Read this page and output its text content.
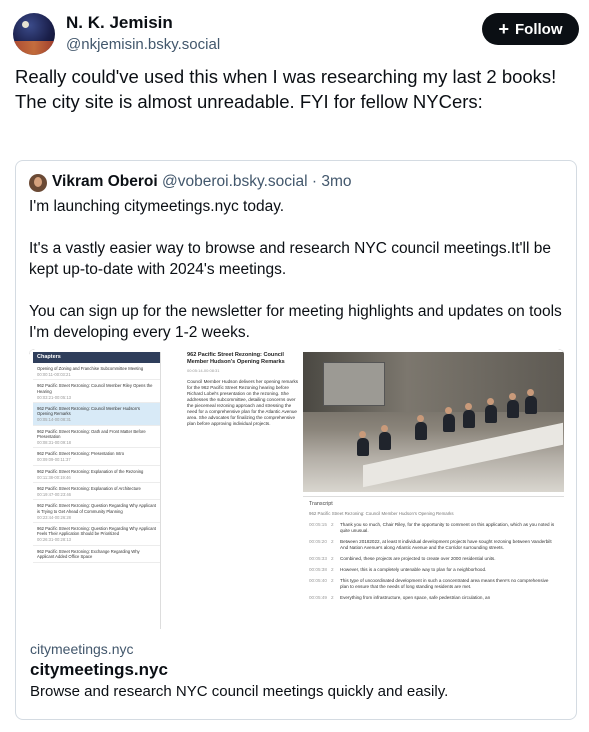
N. K. Jemisin
@nkjemisin.bsky.social
+ Follow
Really could've used this when I was researching my last 2 books! The city site is almost unreadable. FYI for fellow NYCers:
Vikram Oberoi @voberoi.bsky.social · 3mo

I'm launching citymeetings.nyc today.

It's a vastly easier way to browse and research NYC council meetings.It'll be kept up-to-date with 2024's meetings.

You can sign up for the newsletter for meeting highlights and updates on tools I'm developing every 1-2 weeks.

Chapters
Opening of Zoning and Franchise Subcommittee Meeting
00:00:11-00:03:21
962 Pacific Street Rezoning: Council Member Riley Opens the Hearing
00:03:21-00:05:13
962 Pacific Street Rezoning: Council Member Hudson's Opening Remarks
00:05:14-00:08:31
962 Pacific Street Rezoning: Oath and Front Matter Before Presentation
00:08:31-00:09:18
962 Pacific Street Rezoning: Presentation Intro
00:09:09-00:11:37
962 Pacific Street Rezoning: Explanation of the Rezoning
00:11:38-00:19:46
962 Pacific Street Rezoning: Explanation of Architecture
00:19:47-00:23:46
962 Pacific Street Rezoning: Question Regarding Why Applicant is Trying to Get Ahead of Community Planning
00:23:44-00:26:28
962 Pacific Street Rezoning: Question Regarding Why Applicant Feels Their Application Should be Prioritized
00:26:31-00:28:13
962 Pacific Street Rezoning: Exchange Regarding Why Applicant Added Office Space
962 Pacific Street Rezoning: Council Member Hudson's Opening Remarks
00:05:14-00:08:31
Council Member Hudson delivers her opening remarks for the 962 Pacific Street Rezoning hearing before Richard Lobel's presentation on the rezoning. She addresses the subcommittee, detailing concerns over the piecemeal rezoning approach and stressing the need for a comprehensive plan for the Atlantic Avenue area. She advocates for finalizing the comprehensive plan before approving individual projects.
Transcript
962 Pacific Street Rezoning: Council Member Hudson's Opening Remarks
00:05:15 2	Thank you so much, Chair Riley, for the opportunity to comment on this application, which as you noted is quite unusual.
00:05:20 2	Between 20182022, at least 8 individual development projects have sought rezoning between Vanderbilt And Nation Avenue's along Atlantic Avenue and the Corridor surrounding streets.
00:05:33 2	Combined, these projects are projected to create over 2000 residential units.
00:05:38 2	However, this is a completely untenable way to plan for a neighborhood.
00:05:40 2	This type of uncoordinated development in such a concentrated area means there's no comprehensive plan to ensure that the needs of long standing residents are met.
00:05:49 2	Everything from infrastructure, open space, safe pedestrian circulation, an
citymeetings.nyc
citymeetings.nyc
Browse and research NYC council meetings quickly and easily.
